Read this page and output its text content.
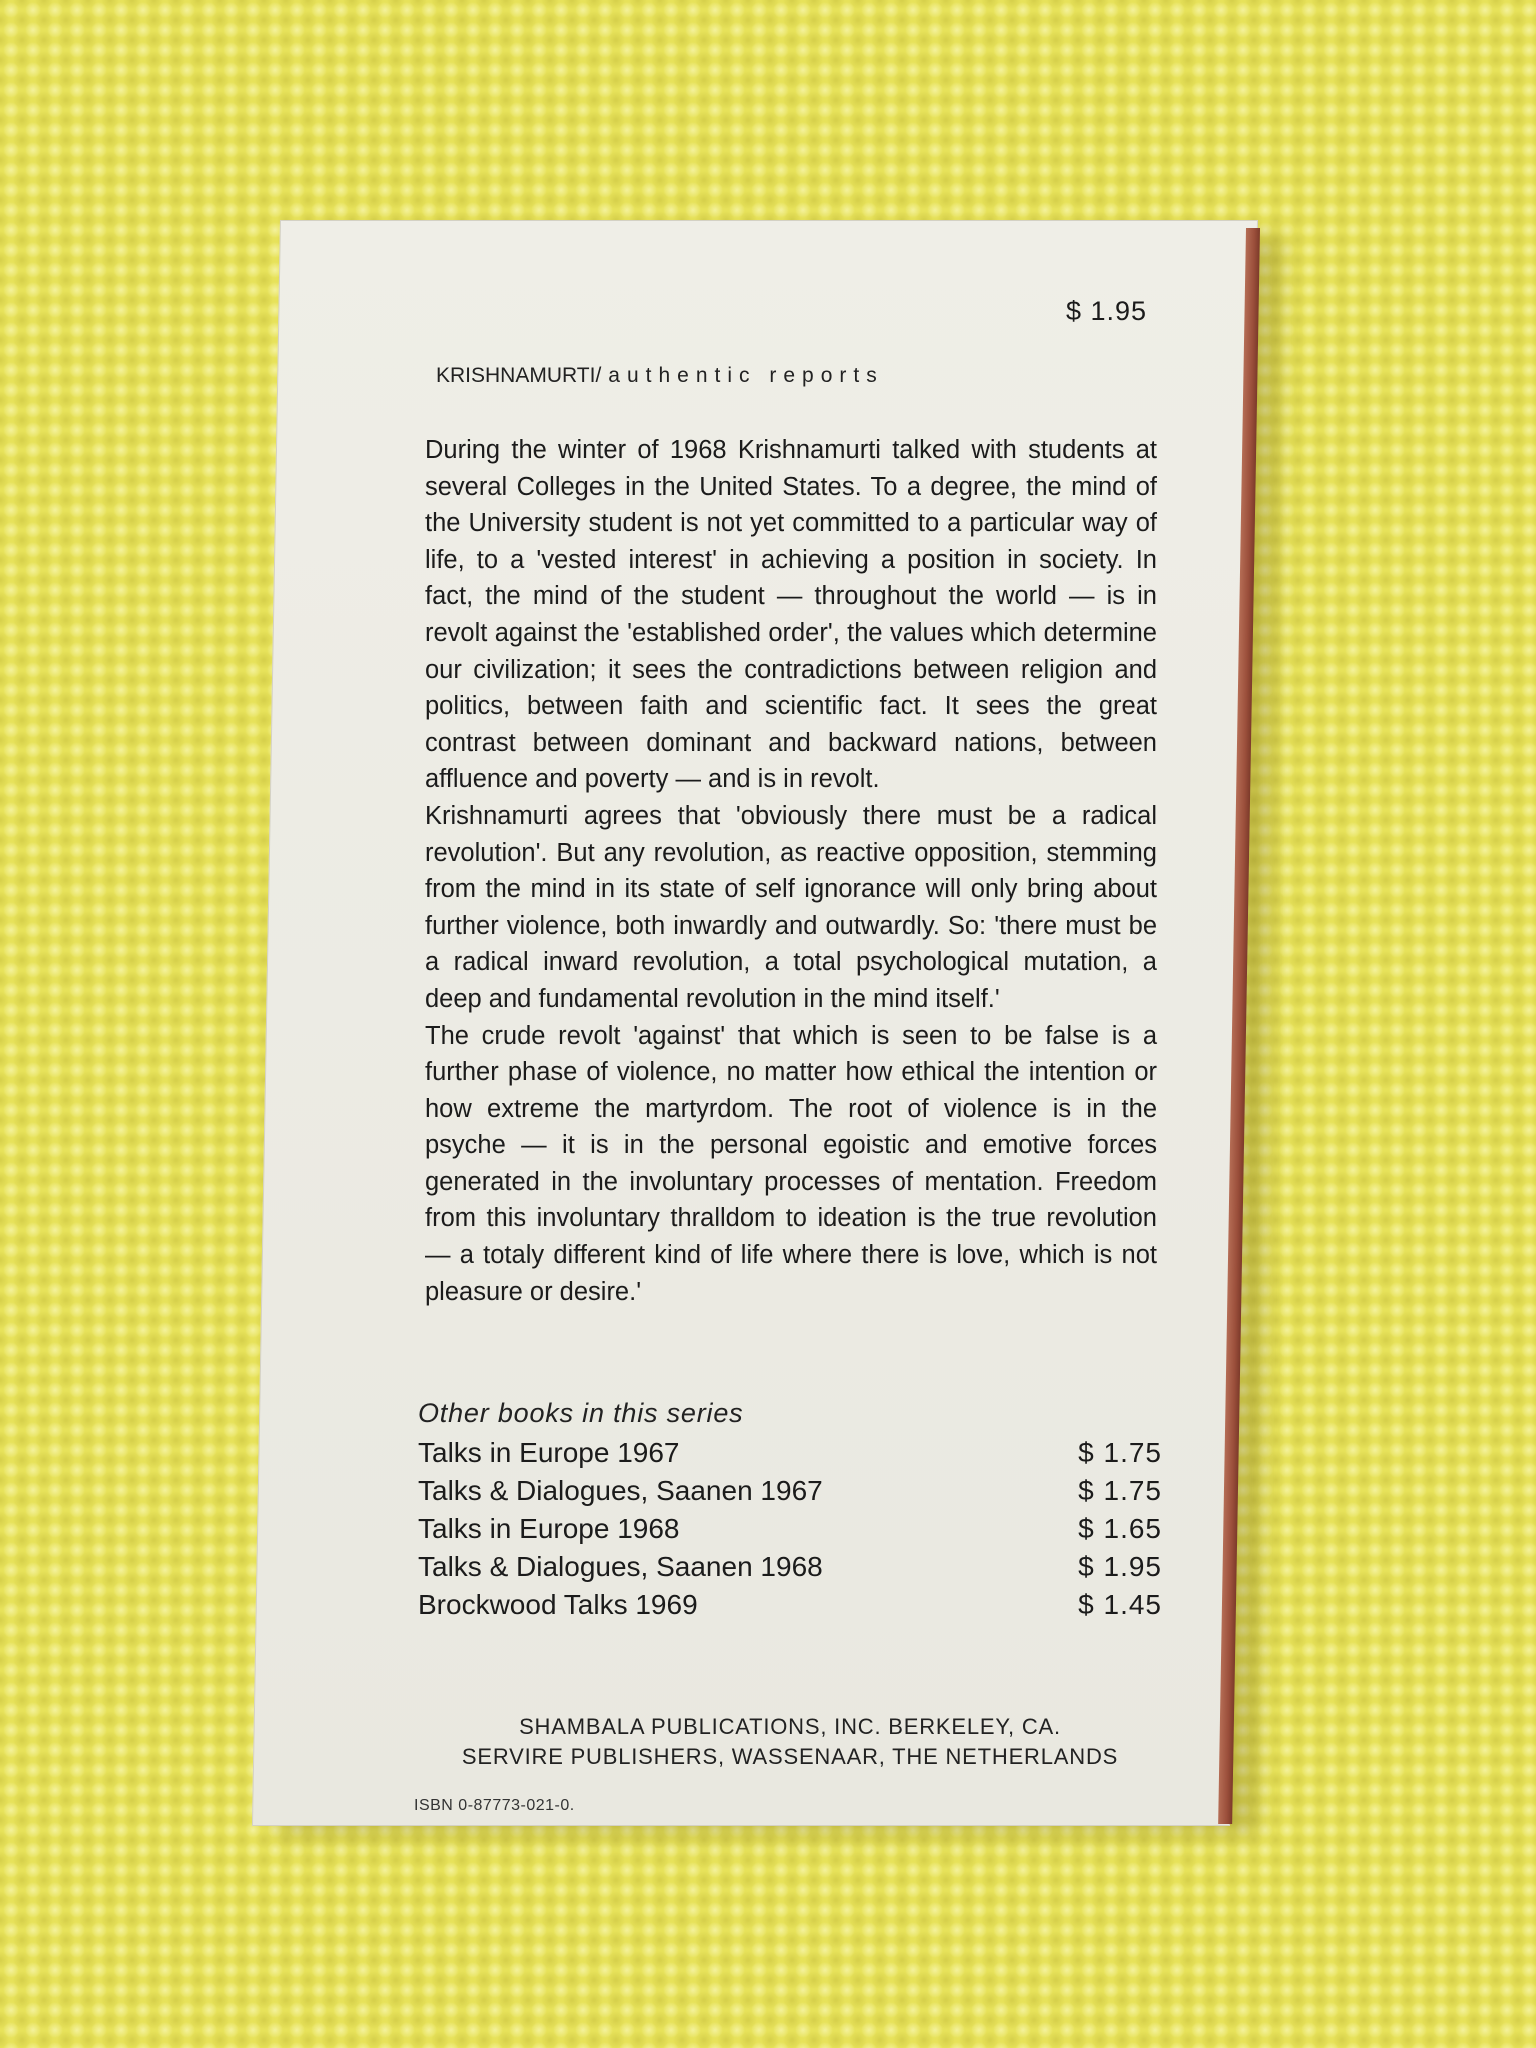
$ 1.95
KRISHNAMURTI/authentic reports

During the winter of 1968 Krishnamurti talked with students at several Colleges in the United States. To a degree, the mind of the University student is not yet committed to a particular way of life, to a 'vested interest' in achieving a position in society. In fact, the mind of the student — throughout the world — is in revolt against the 'established order', the values which determine our civilization; it sees the contradictions between religion and politics, between faith and scientific fact. It sees the great contrast between dominant and backward nations, between affluence and poverty — and is in revolt.

Krishnamurti agrees that 'obviously there must be a radical revolution'. But any revolution, as reactive opposition, stemming from the mind in its state of self ignorance will only bring about further violence, both inwardly and outwardly. So: 'there must be a radical inward revolution, a total psychological mutation, a deep and fundamental revolution in the mind itself.'

The crude revolt 'against' that which is seen to be false is a further phase of violence, no matter how ethical the intention or how extreme the martyrdom. The root of violence is in the psyche — it is in the personal egoistic and emotive forces generated in the involuntary processes of mentation. Freedom from this involuntary thralldom to ideation is the true revolution — a totaly different kind of life where there is love, which is not pleasure or desire.'

Other books in this series
Talks in Europe 1967	$ 1.75
Talks & Dialogues, Saanen 1967	$ 1.75
Talks in Europe 1968	$ 1.65
Talks & Dialogues, Saanen 1968	$ 1.95
Brockwood Talks 1969	$ 1.45
SHAMBALA PUBLICATIONS, INC. BERKELEY, CA.
SERVIRE PUBLISHERS, WASSENAAR, THE NETHERLANDS
ISBN 0-87773-021-0.
